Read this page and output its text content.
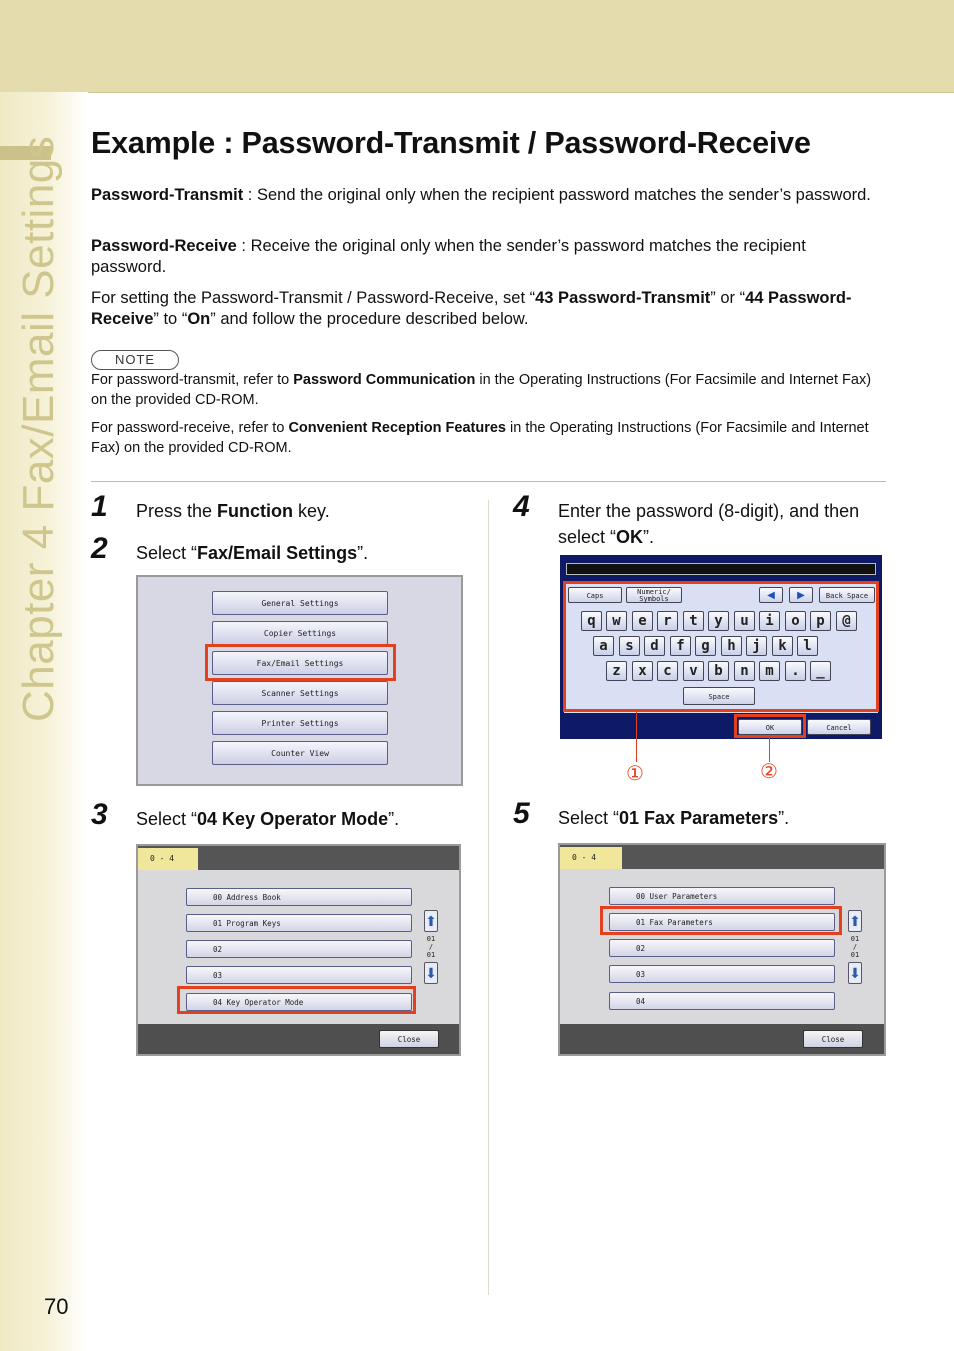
Chapter 4 Fax/Email Settings
70
Example : Password-Transmit / Password-Receive

Password-Transmit : Send the original only when the recipient password matches the sender’s password.

Password-Receive : Receive the original only when the sender’s password matches the recipient password.

For setting the Password-Transmit / Password-Receive, set “43 Password-Transmit” or “44 Password-Receive” to “On” and follow the procedure described below.

NOTE

For password-transmit, refer to Password Communication in the Operating Instructions (For Facsimile and Internet Fax) on the provided CD-ROM.

For password-receive, refer to Convenient Reception Features in the Operating Instructions (For Facsimile and Internet Fax) on the provided CD-ROM.

1 Press the Function key.

2 Select “Fax/Email Settings”.

General Settings
Copier Settings
Fax/Email Settings
Scanner Settings
Printer Settings
Counter View
3 Select “04 Key Operator Mode”.

0 - 4
00 Address Book
01 Program Keys
02
03
04 Key Operator Mode
⬆
01
/
01
⬇
Close
4 Enter the password (8-digit), and then select “OK”.

Caps	Numeric/ Symbols	◀	▶	Back Space
q	w	e	r	t	y	u	i	o	p	@
a	s	d	f	g	h	j	k	l
z	x	c	v	b	n	m	.	_
Space
OK	Cancel
①	②
5 Select “01 Fax Parameters”.

0 - 4
00 User Parameters
01 Fax Parameters
02
03
04
⬆
01
/
01
⬇
Close
